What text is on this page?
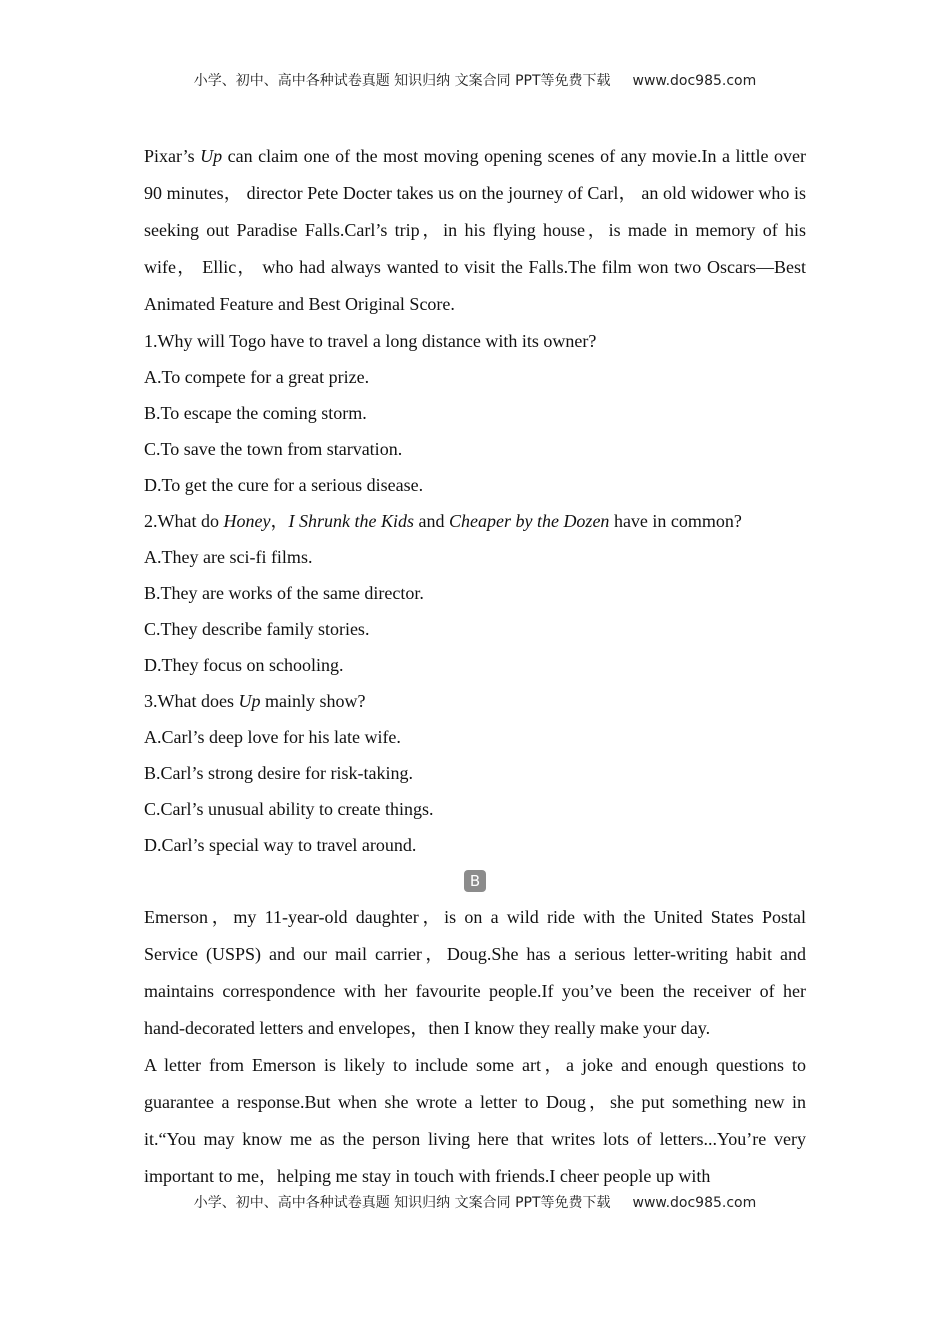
小学、初中、高中各种试卷真题 知识归纳 文案合同 PPT等免费下载 www.doc985.com

Pixar’s Up can claim one of the most moving opening scenes of any movie.In a little over 90 minutes， director Pete Docter takes us on the journey of Carl， an old widower who is seeking out Paradise Falls.Carl’s trip，in his flying house，is made in memory of his wife， Ellic， who had always wanted to visit the Falls.The film won two Oscars—Best Animated Feature and Best Original Score.

1.Why will Togo have to travel a long distance with its owner?

A.To compete for a great prize.

B.To escape the coming storm.

C.To save the town from starvation.

D.To get the cure for a serious disease.

2.What do Honey，I Shrunk the Kids and Cheaper by the Dozen have in common?

A.They are sci-fi films.

B.They are works of the same director.

C.They describe family stories.

D.They focus on schooling.

3.What does Up mainly show?

A.Carl’s deep love for his late wife.

B.Carl’s strong desire for risk-taking.

C.Carl’s unusual ability to create things.

D.Carl’s special way to travel around.

B

Emerson，my 11-year-old daughter，is on a wild ride with the United States Postal Service (USPS) and our mail carrier，Doug.She has a serious letter-writing habit and maintains correspondence with her favourite people.If you’ve been the receiver of her hand-decorated letters and envelopes，then I know they really make your day.

A letter from Emerson is likely to include some art，a joke and enough questions to guarantee a response.But when she wrote a letter to Doug，she put something new in it.“You may know me as the person living here that writes lots of letters...You’re very important to me，helping me stay in touch with friends.I cheer people up with

小学、初中、高中各种试卷真题 知识归纳 文案合同 PPT等免费下载 www.doc985.com
